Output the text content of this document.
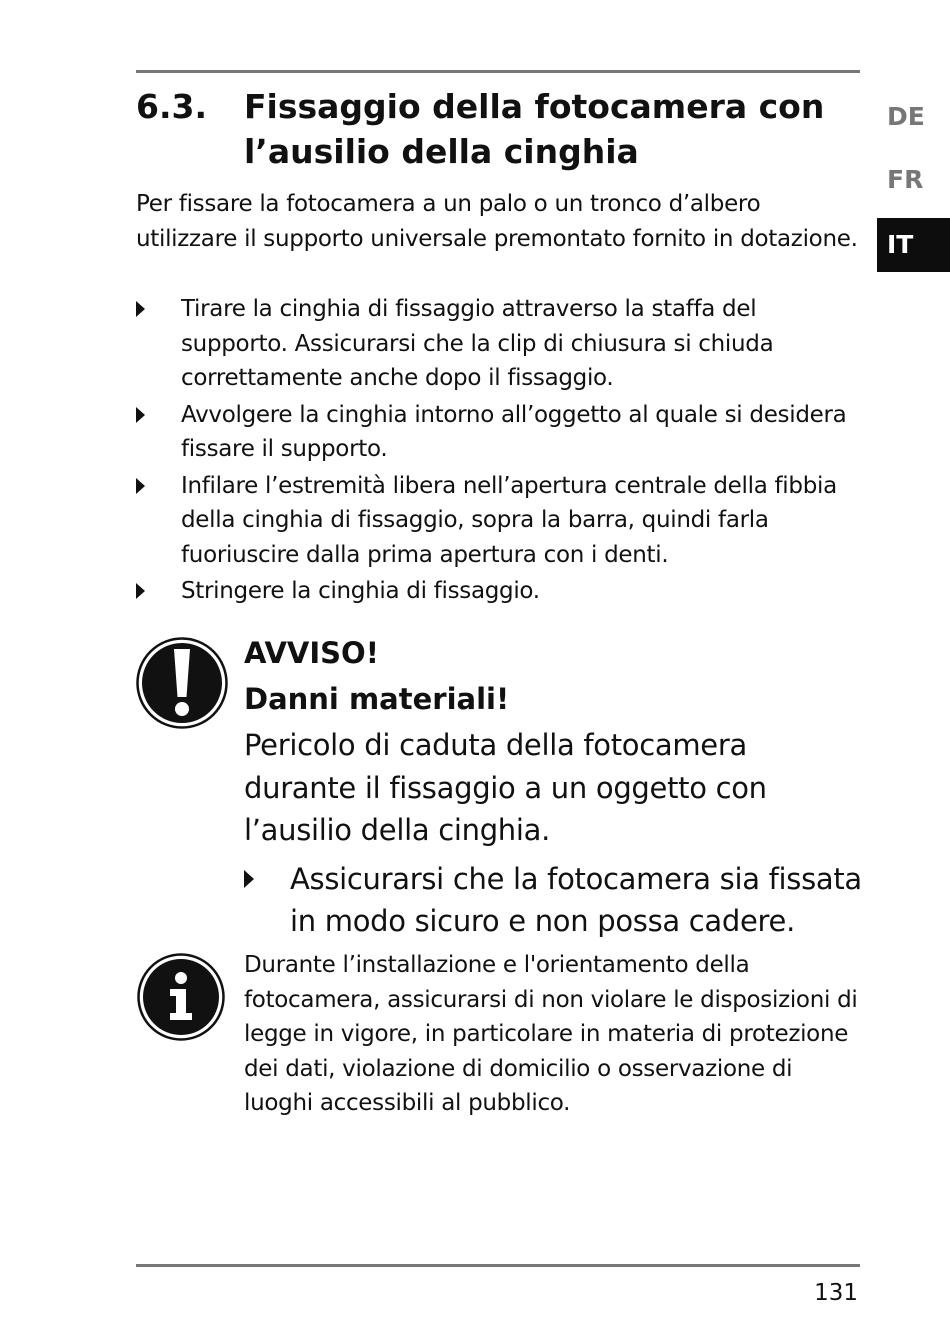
6.3. Fissaggio della fotocamera con l’ausilio della cinghia

Per fissare la fotocamera a un palo o un tronco d’albero utilizzare il supporto universale premontato fornito in dotazione.

Tirare la cinghia di fissaggio attraverso la staffa del supporto. Assicurarsi che la clip di chiusura si chiuda correttamente anche dopo il fissaggio.
Avvolgere la cinghia intorno all’oggetto al quale si desidera fissare il supporto.
Infilare l’estremità libera nell’apertura centrale della fibbia della cinghia di fissaggio, sopra la barra, quindi farla fuoriuscire dalla prima apertura con i denti.
Stringere la cinghia di fissaggio.
DE
FR
IT
AVVISO!
Danni materiali!
Pericolo di caduta della fotocamera durante il fissaggio a un oggetto con l’ausilio della cinghia.
Assicurarsi che la fotocamera sia fissata in modo sicuro e non possa cadere.
Durante l’installazione e l'orientamento della fotocamera, assicurarsi di non violare le disposizioni di legge in vigore, in particolare in materia di protezione dei dati, violazione di domicilio o osservazione di luoghi accessibili al pubblico.
131
